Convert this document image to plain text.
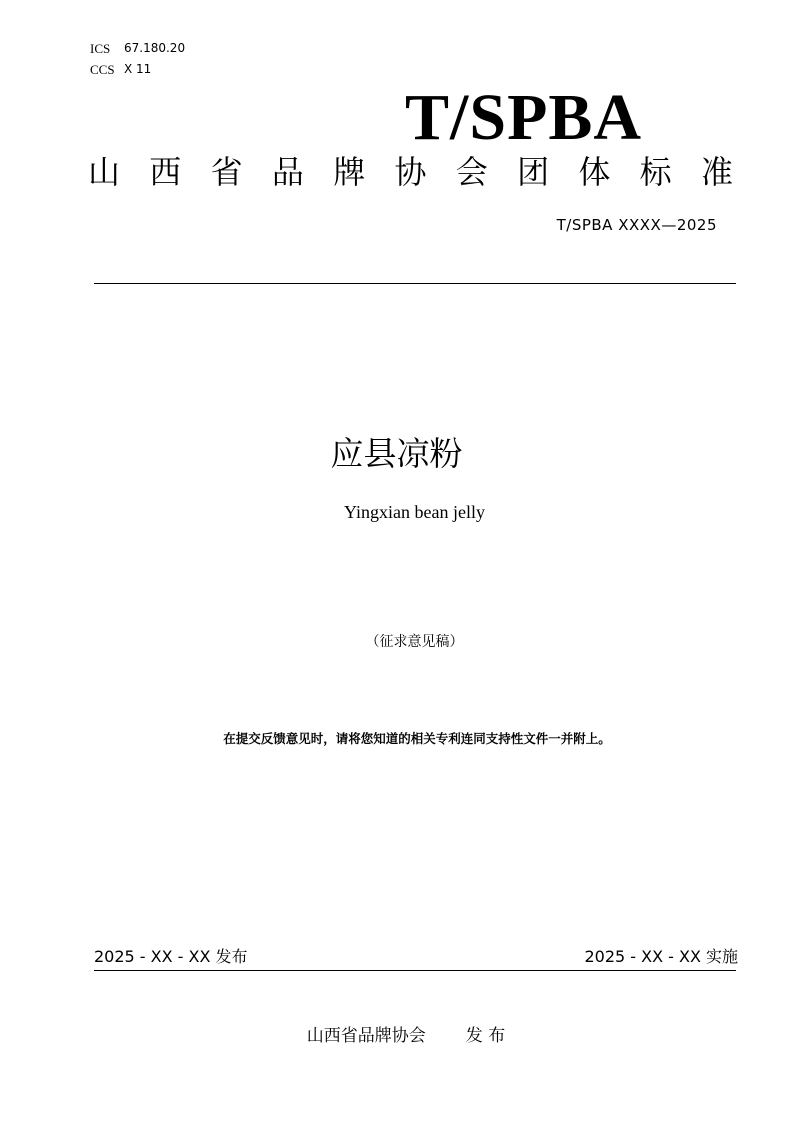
ICS	67.180.20
CCS X 11
T/SPBA
山 西 省 品 牌 协 会 团 体 标 准
T/SPBA XXXX—2025
应县凉粉
Yingxian bean jelly
（征求意见稿）
在提交反馈意见时，请将您知道的相关专利连同支持性文件一并附上。
2025 - XX - XX 发布	2025 - XX - XX 实施
山西省品牌协会 发 布
